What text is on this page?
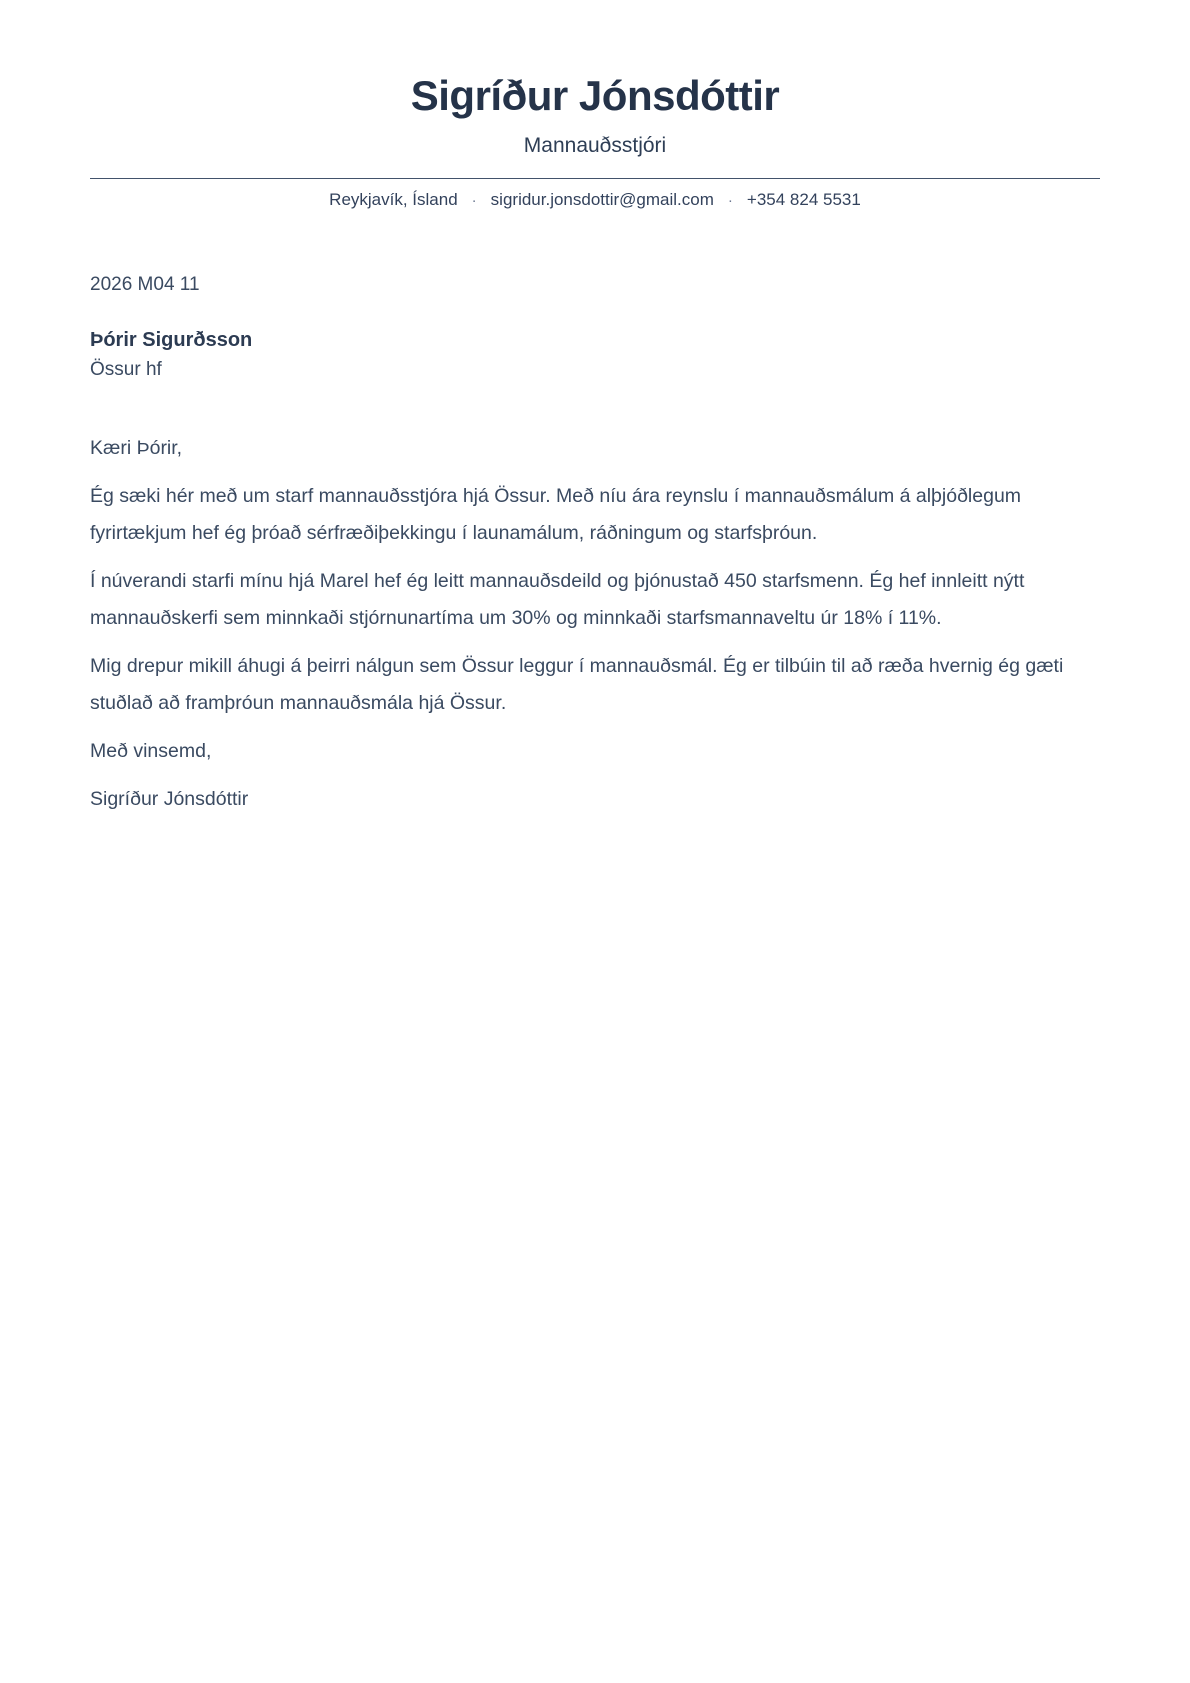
Sigríður Jónsdóttir
Mannauðsstjóri
Reykjavík, Ísland · sigridur.jonsdottir@gmail.com · +354 824 5531
2026 M04 11
Þórir Sigurðsson
Össur hf

Kæri Þórir,

Ég sæki hér með um starf mannauðsstjóra hjá Össur. Með níu ára reynslu í mannauðsmálum á alþjóðlegum fyrirtækjum hef ég þróað sérfræðiþekkingu í launamálum, ráðningum og starfsþróun.

Í núverandi starfi mínu hjá Marel hef ég leitt mannauðsdeild og þjónustað 450 starfsmenn. Ég hef innleitt nýtt mannauðskerfi sem minnkaði stjórnunartíma um 30% og minnkaði starfsmannaveltu úr 18% í 11%.

Mig drepur mikill áhugi á þeirri nálgun sem Össur leggur í mannauðsmál. Ég er tilbúin til að ræða hvernig ég gæti stuðlað að framþróun mannauðsmála hjá Össur.

Með vinsemd,

Sigríður Jónsdóttir
